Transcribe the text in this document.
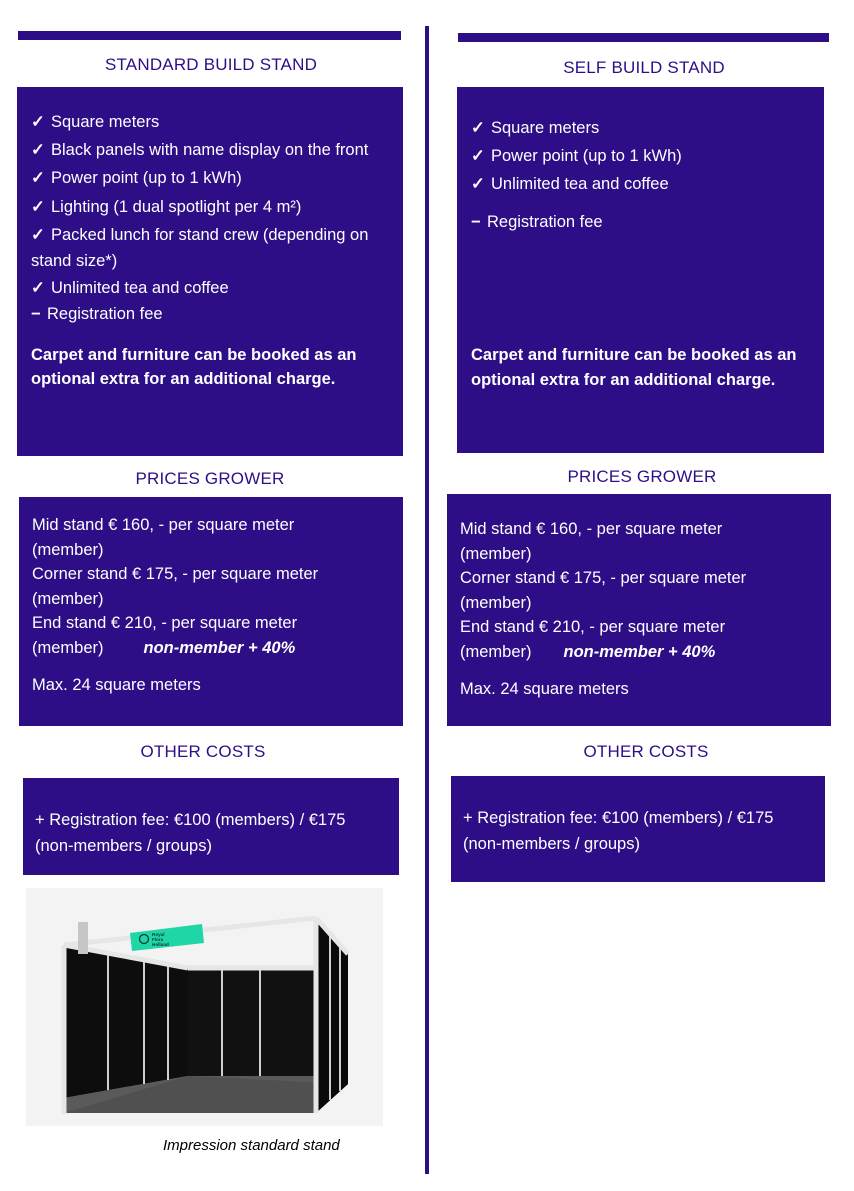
STANDARD BUILD STAND

✓ Square meters

✓ Black panels with name display on the front

✓ Power point (up to 1 kWh)

✓ Lighting (1 dual spotlight per 4 m²)

✓ Packed lunch for stand crew (depending on stand size*)

✓ Unlimited tea and coffee

− Registration fee

Carpet and furniture can be booked as an optional extra for an additional charge.
PRICES GROWER
Mid stand € 160, - per square meter (member)
Corner stand € 175, - per square meter (member)
End stand € 210, - per square meter
(member) non-member + 40%
Max. 24 square meters
OTHER COSTS
+ Registration fee: €100 (members) / €175 (non-members / groups)
Royal
Flora
Holland
Impression standard stand
SELF BUILD STAND

✓ Square meters

✓ Power point (up to 1 kWh)

✓ Unlimited tea and coffee

− Registration fee

Carpet and furniture can be booked as an optional extra for an additional charge.
PRICES GROWER
Mid stand € 160, - per square meter (member)
Corner stand € 175, - per square meter (member)
End stand € 210, - per square meter
(member) non-member + 40%
Max. 24 square meters
OTHER COSTS
+ Registration fee: €100 (members) / €175 (non-members / groups)
